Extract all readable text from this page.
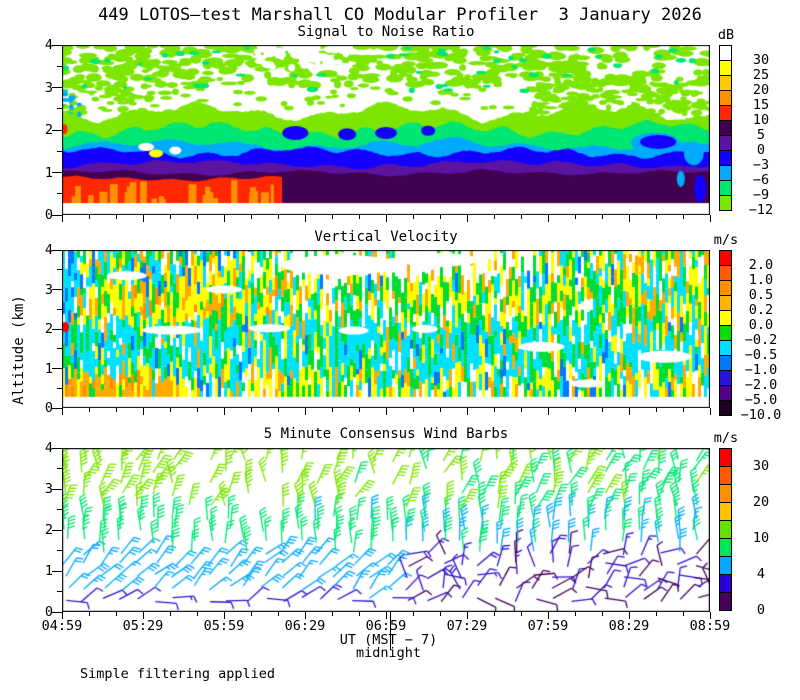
449 LOTOS–test Marshall CO Modular Profiler  3 January 2026
Signal to Noise Ratio
Vertical Velocity
5 Minute Consensus Wind Barbs
dB
m/s
m/s
Altitude (km)
UT (MST − 7)
midnight
Simple filtering applied
0
1
2
3
4
0
1
2
3
4
0
1
2
3
4
04:59	05:29	05:59	06:29	06:59	07:29	07:59	08:29	08:59
30
25
20
15
10
5
0
−3
−6
−9
−12
2.0
1.0
0.5
0.2
0.0
−0.2
−0.5
−1.0
−2.0
−5.0
−10.0
30
20
10
4
0
